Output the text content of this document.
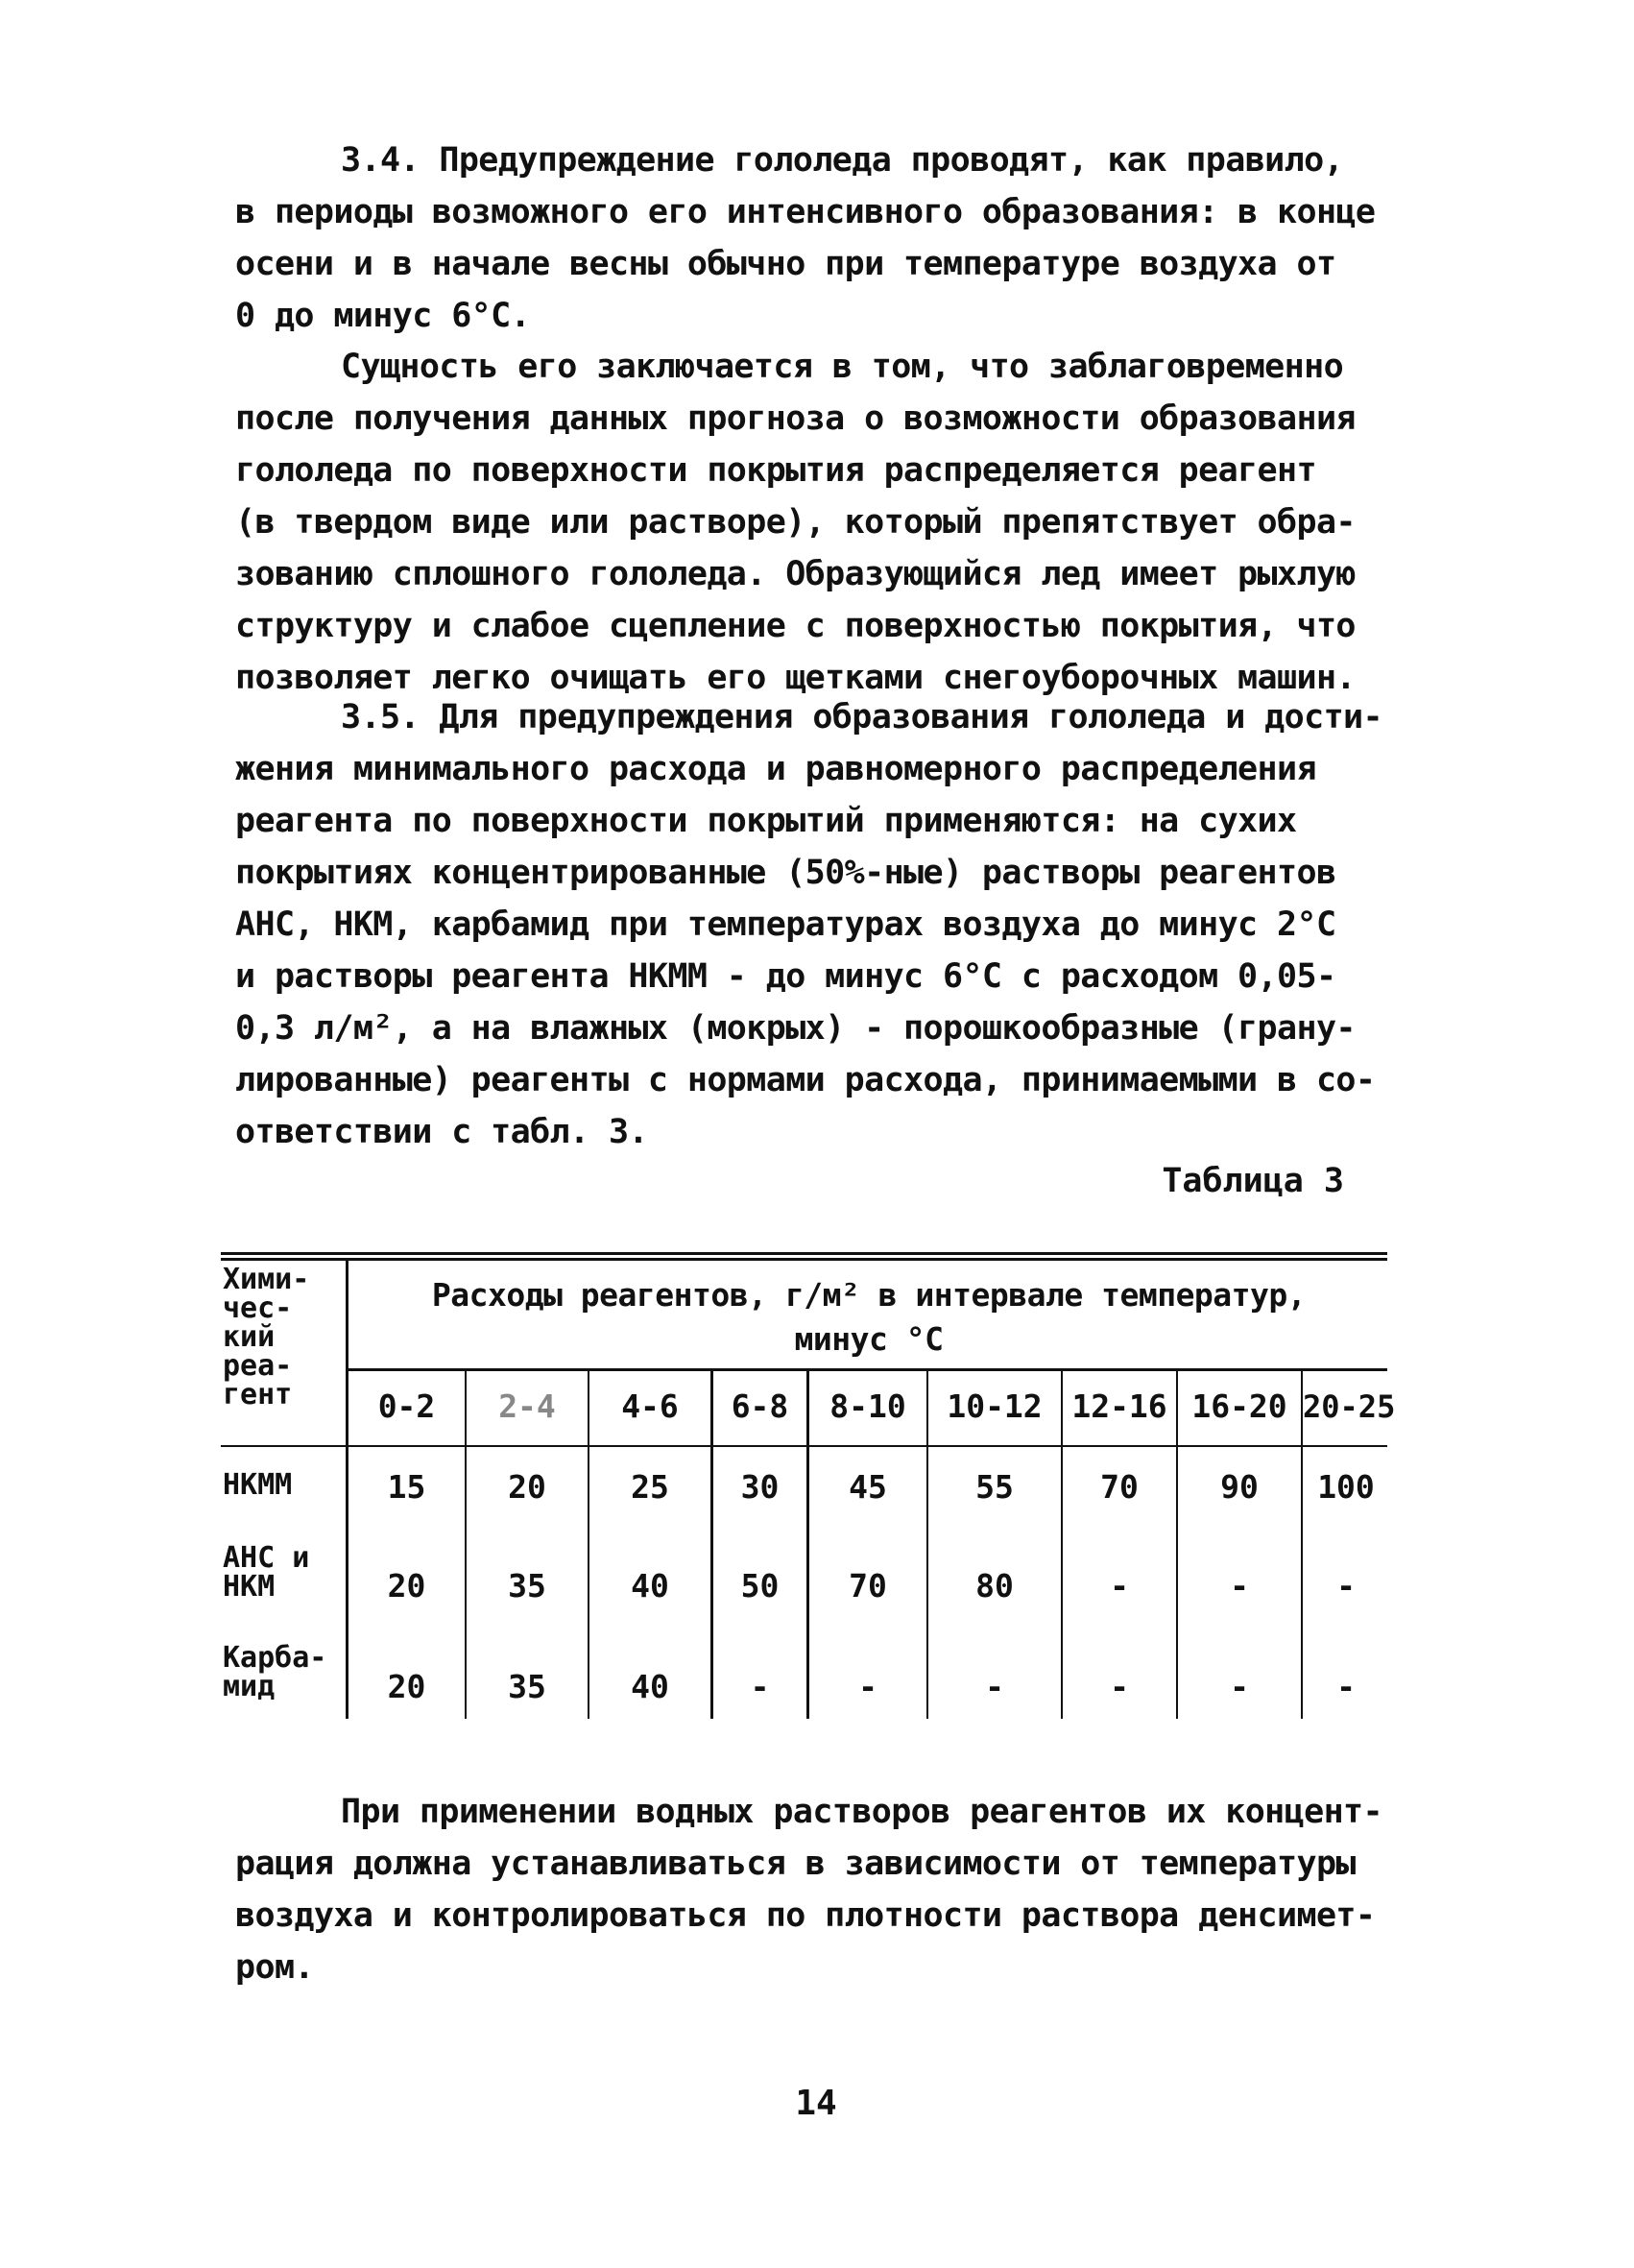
3.4. Предупреждение гололеда проводят, как правило,
в периоды возможного его интенсивного образования: в конце
осени и в начале весны обычно при температуре воздуха от
0 до минус 6°С.
Сущность его заключается в том, что заблаговременно
после получения данных прогноза о возможности образования
гололеда по поверхности покрытия распределяется реагент
(в твердом виде или растворе), который препятствует обра-
зованию сплошного гололеда. Образующийся лед имеет рыхлую
структуру и слабое сцепление с поверхностью покрытия, что
позволяет легко очищать его щетками снегоуборочных машин.
3.5. Для предупреждения образования гололеда и дости-
жения минимального расхода и равномерного распределения
реагента по поверхности покрытий применяются: на сухих
покрытиях концентрированные (50%-ные) растворы реагентов
АНС, НКМ, карбамид при температурах воздуха до минус 2°С
и растворы реагента НКММ - до минус 6°С с расходом 0,05-
0,3 л/м², а на влажных (мокрых) - порошкообразные (грану-
лированные) реагенты с нормами расхода, принимаемыми в со-
ответствии с табл. 3.
Таблица 3
Хими-
чес-
кий
реа-
гент
Расходы реагентов, г/м² в интервале температур,
минус °С
0-2	2-4	4-6	6-8	8-10	10-12 12-16 16-20 20-25
НКММ	15	20	25	30	45	55	70	90	100
АНС и
НКМ	20	35	40	50	70	80	-	-	-
Карба-
мид	20	35	40	-	-	-	-	-	-
При применении водных растворов реагентов их концент-
рация должна устанавливаться в зависимости от температуры
воздуха и контролироваться по плотности раствора денсимет-
ром.
14
